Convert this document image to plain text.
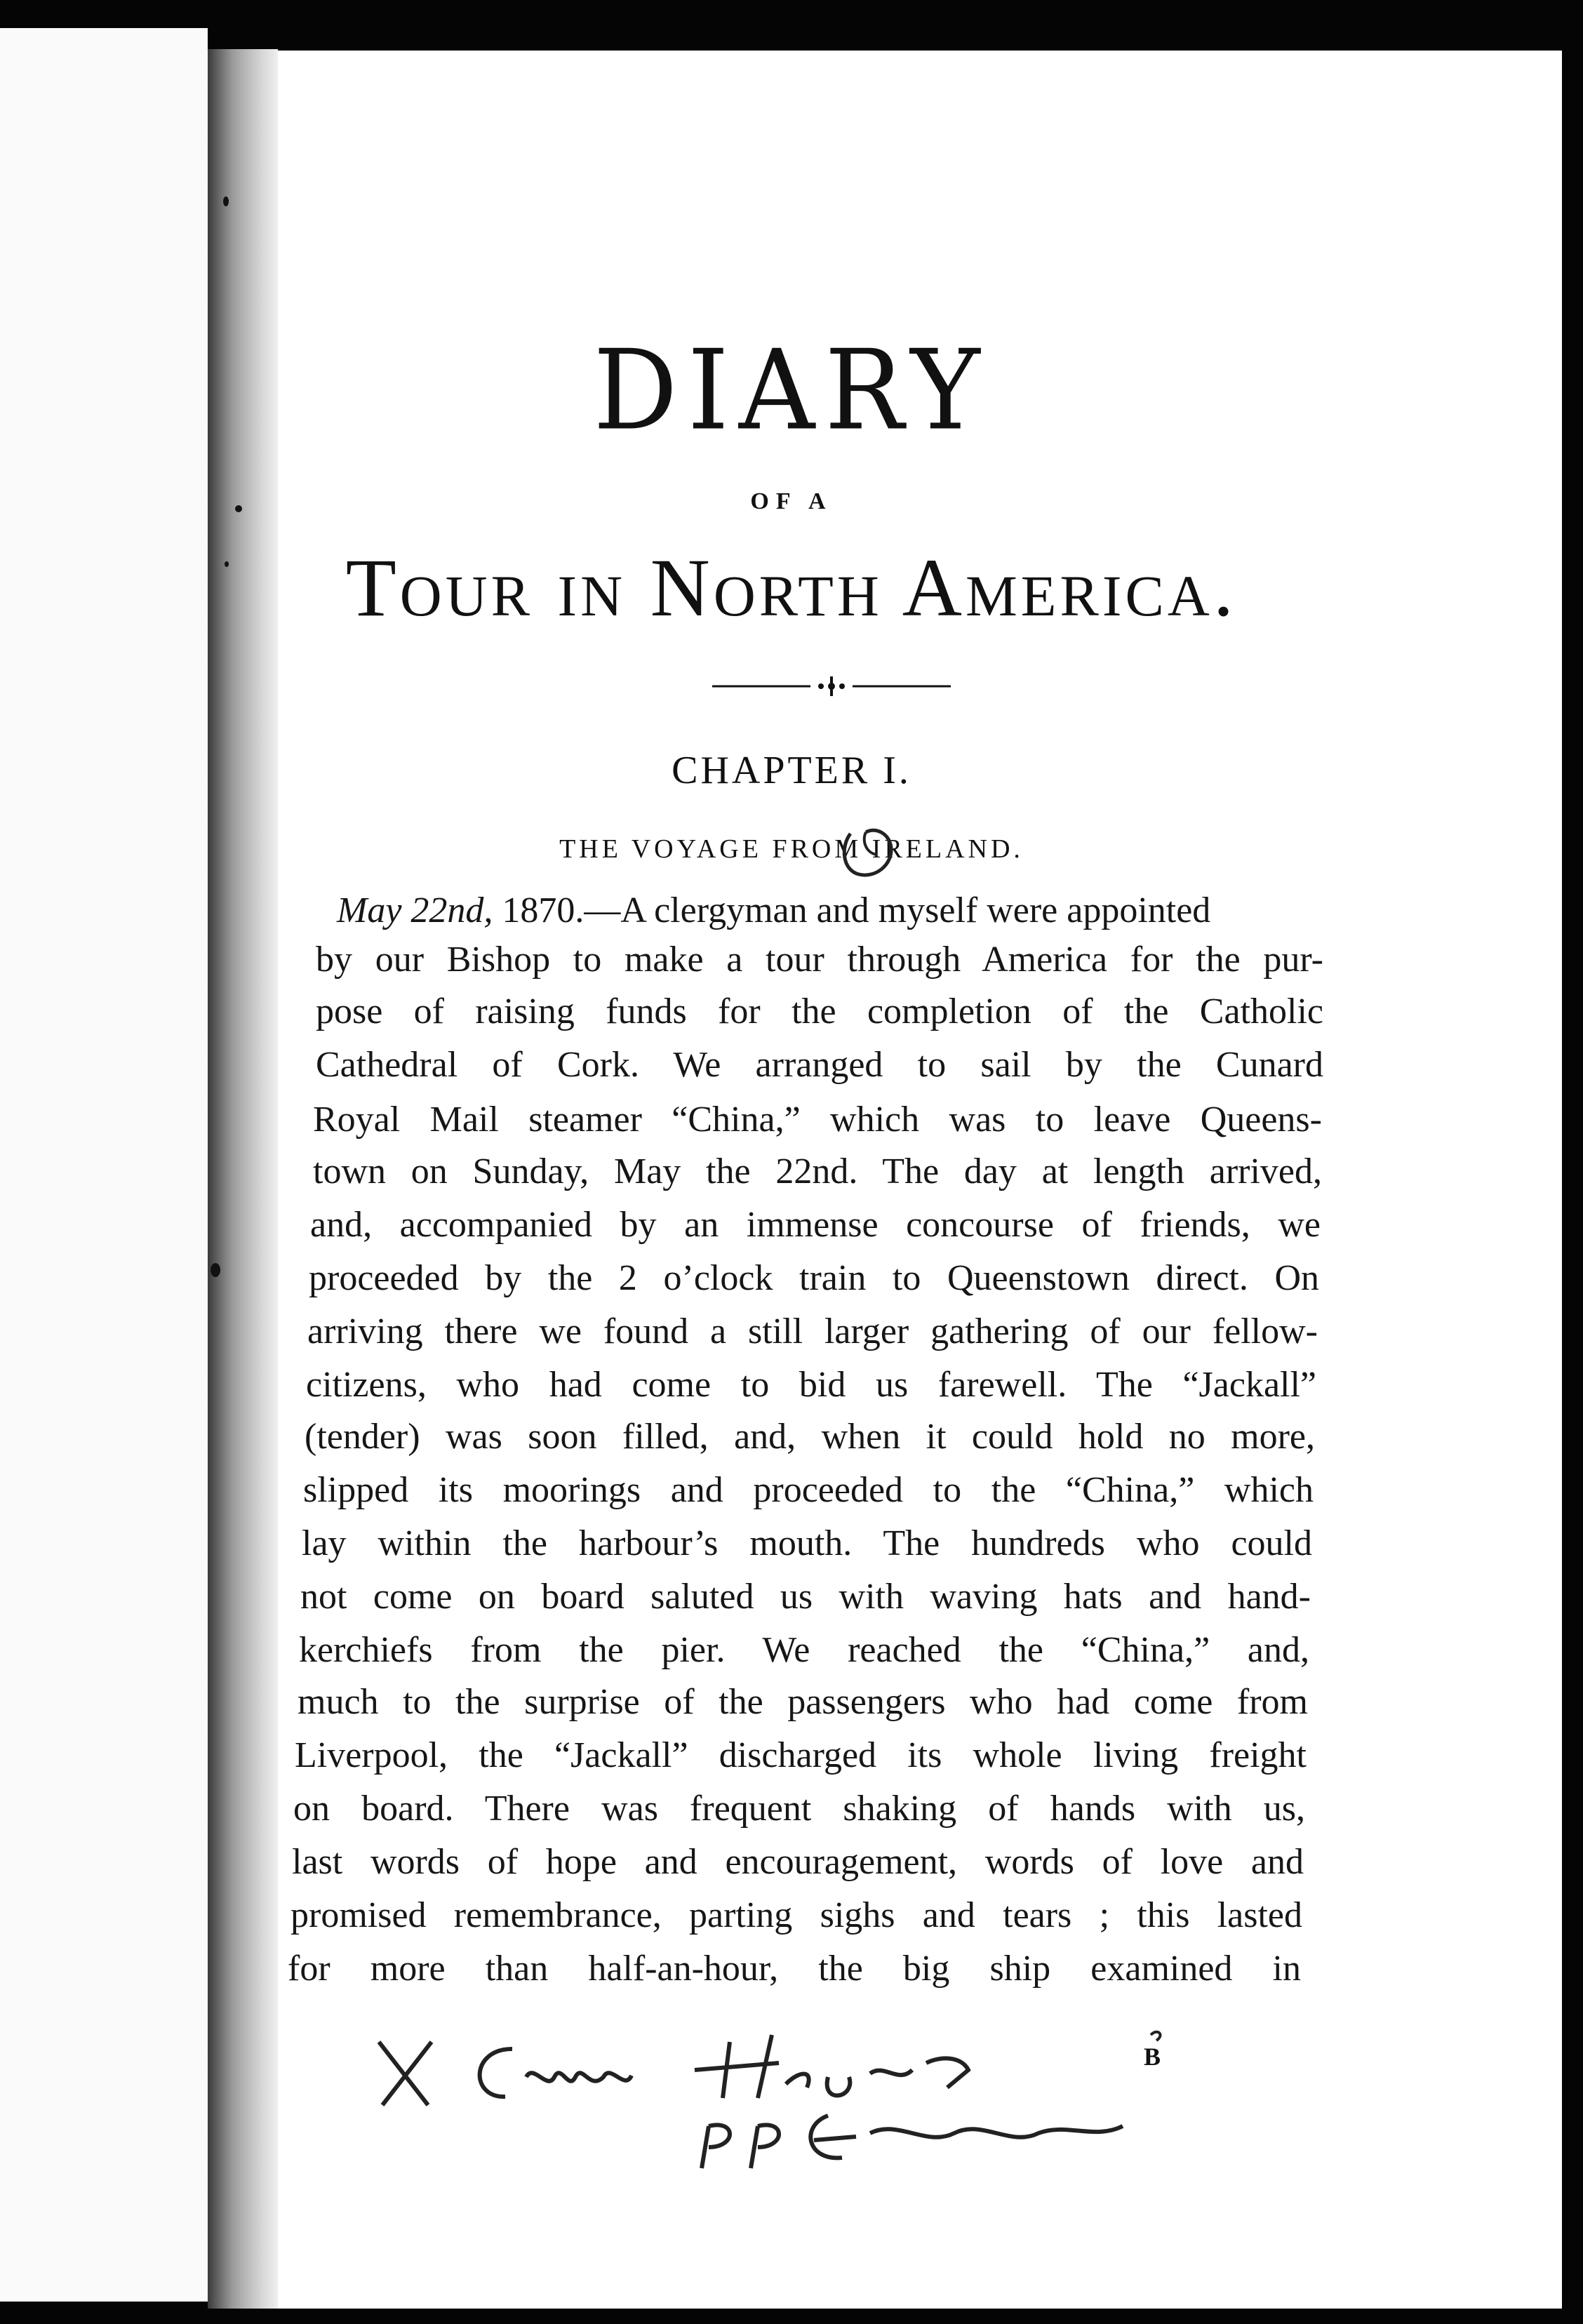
DIARY
OF A
Tour in North America.
CHAPTER I.
THE VOYAGE FROM IRELAND.
May 22nd, 1870.—A clergyman and myself were appointed
by our Bishop to make a tour through America for the pur-
pose of raising funds for the completion of the Catholic
Cathedral of Cork. We arranged to sail by the Cunard
Royal Mail steamer “China,” which was to leave Queens-
town on Sunday, May the 22nd. The day at length arrived,
and, accompanied by an immense concourse of friends, we
proceeded by the 2 o’clock train to Queenstown direct. On
arriving there we found a still larger gathering of our fellow-
citizens, who had come to bid us farewell. The “Jackall”
(tender) was soon filled, and, when it could hold no more,
slipped its moorings and proceeded to the “China,” which
lay within the harbour’s mouth. The hundreds who could
not come on board saluted us with waving hats and hand-
kerchiefs from the pier. We reached the “China,” and,
much to the surprise of the passengers who had come from
Liverpool, the “Jackall” discharged its whole living freight
on board. There was frequent shaking of hands with us,
last words of hope and encouragement, words of love and
promised remembrance, parting sighs and tears ; this lasted
for more than half-an-hour, the big ship examined in
B
